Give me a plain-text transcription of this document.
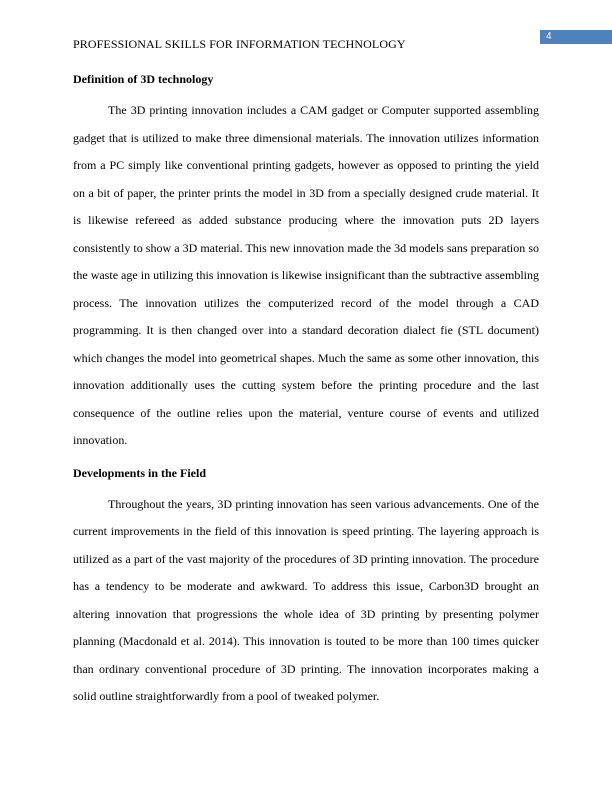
4
PROFESSIONAL SKILLS FOR INFORMATION TECHNOLOGY

Definition of 3D technology

The 3D printing innovation includes a CAM gadget or Computer supported assembling gadget that is utilized to make three dimensional materials. The innovation utilizes information from a PC simply like conventional printing gadgets, however as opposed to printing the yield on a bit of paper, the printer prints the model in 3D from a specially designed crude material. It is likewise refereed as added substance producing where the innovation puts 2D layers consistently to show a 3D material. This new innovation made the 3d models sans preparation so the waste age in utilizing this innovation is likewise insignificant than the subtractive assembling process. The innovation utilizes the computerized record of the model through a CAD programming. It is then changed over into a standard decoration dialect fie (STL document) which changes the model into geometrical shapes. Much the same as some other innovation, this innovation additionally uses the cutting system before the printing procedure and the last consequence of the outline relies upon the material, venture course of events and utilized innovation.

Developments in the Field

Throughout the years, 3D printing innovation has seen various advancements. One of the current improvements in the field of this innovation is speed printing. The layering approach is utilized as a part of the vast majority of the procedures of 3D printing innovation. The procedure has a tendency to be moderate and awkward. To address this issue, Carbon3D brought an altering innovation that progressions the whole idea of 3D printing by presenting polymer planning (Macdonald et al. 2014). This innovation is touted to be more than 100 times quicker than ordinary conventional procedure of 3D printing. The innovation incorporates making a solid outline straightforwardly from a pool of tweaked polymer.
